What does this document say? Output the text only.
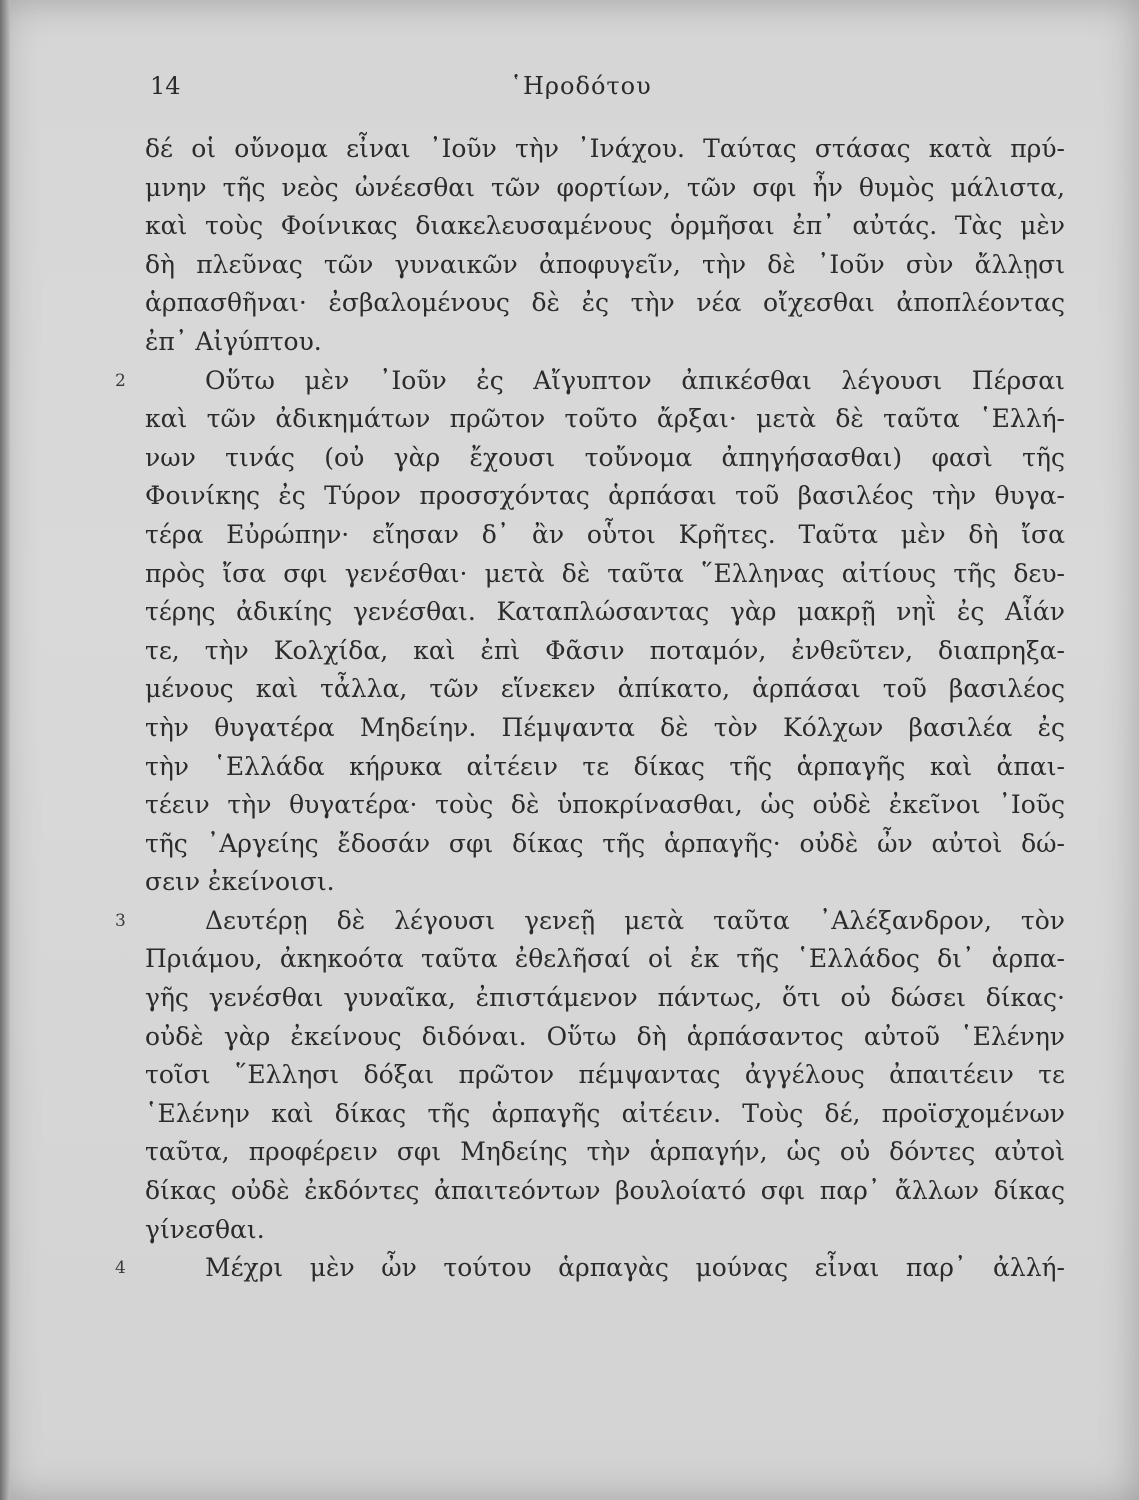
14	῾Ηροδότου
δέ οἱ οὔνομα εἶναι ᾿Ιοῦν τὴν ᾿Ινάχου. Ταύτας στάσας κατὰ πρύ-
μνην τῆς νεὸς ὠνέεσθαι τῶν φορτίων, τῶν σφι ἦν θυμὸς μάλιστα,
καὶ τοὺς Φοίνικας διακελευσαμένους ὁρμῆσαι ἐπ᾿ αὐτάς. Τὰς μὲν
δὴ πλεῦνας τῶν γυναικῶν ἀποφυγεῖν, τὴν δὲ ᾿Ιοῦν σὺν ἄλλῃσι
ἁρπασθῆναι· ἐσβαλομένους δὲ ἐς τὴν νέα οἴχεσθαι ἀποπλέοντας
ἐπ᾿ Αἰγύπτου.
2	Οὕτω μὲν ᾿Ιοῦν ἐς Αἴγυπτον ἀπικέσθαι λέγουσι Πέρσαι
καὶ τῶν ἀδικημάτων πρῶτον τοῦτο ἄρξαι· μετὰ δὲ ταῦτα ῾Ελλή-
νων τινάς (οὐ γὰρ ἔχουσι τοὔνομα ἀπηγήσασθαι) φασὶ τῆς
Φοινίκης ἐς Τύρον προσσχόντας ἁρπάσαι τοῦ βασιλέος τὴν θυγα-
τέρα Εὐρώπην· εἴησαν δ᾿ ἂν οὗτοι Κρῆτες. Ταῦτα μὲν δὴ ἴσα
πρὸς ἴσα σφι γενέσθαι· μετὰ δὲ ταῦτα ῞Ελληνας αἰτίους τῆς δευ-
τέρης ἀδικίης γενέσθαι. Καταπλώσαντας γὰρ μακρῇ νηῒ ἐς Αἶάν
τε, τὴν Κολχίδα, καὶ ἐπὶ Φᾶσιν ποταμόν, ἐνθεῦτεν, διαπρηξα-
μένους καὶ τἆλλα, τῶν εἵνεκεν ἀπίκατο, ἁρπάσαι τοῦ βασιλέος
τὴν θυγατέρα Μηδείην. Πέμψαντα δὲ τὸν Κόλχων βασιλέα ἐς
τὴν ῾Ελλάδα κήρυκα αἰτέειν τε δίκας τῆς ἁρπαγῆς καὶ ἀπαι-
τέειν τὴν θυγατέρα· τοὺς δὲ ὑποκρίνασθαι, ὡς οὐδὲ ἐκεῖνοι ᾿Ιοῦς
τῆς ᾿Αργείης ἔδοσάν σφι δίκας τῆς ἁρπαγῆς· οὐδὲ ὦν αὐτοὶ δώ-
σειν ἐκείνοισι.
3	Δευτέρῃ δὲ λέγουσι γενεῇ μετὰ ταῦτα ᾿Αλέξανδρον, τὸν
Πριάμου, ἀκηκοότα ταῦτα ἐθελῆσαί οἱ ἐκ τῆς ῾Ελλάδος δι᾿ ἁρπα-
γῆς γενέσθαι γυναῖκα, ἐπιστάμενον πάντως, ὅτι οὐ δώσει δίκας·
οὐδὲ γὰρ ἐκείνους διδόναι. Οὕτω δὴ ἁρπάσαντος αὐτοῦ ῾Ελένην
τοῖσι ῞Ελλησι δόξαι πρῶτον πέμψαντας ἀγγέλους ἀπαιτέειν τε
῾Ελένην καὶ δίκας τῆς ἁρπαγῆς αἰτέειν. Τοὺς δέ, προϊσχομένων
ταῦτα, προφέρειν σφι Μηδείης τὴν ἁρπαγήν, ὡς οὐ δόντες αὐτοὶ
δίκας οὐδὲ ἐκδόντες ἀπαιτεόντων βουλοίατό σφι παρ᾿ ἄλλων δίκας
γίνεσθαι.
4	Μέχρι μὲν ὦν τούτου ἁρπαγὰς μούνας εἶναι παρ᾿ ἀλλή-
